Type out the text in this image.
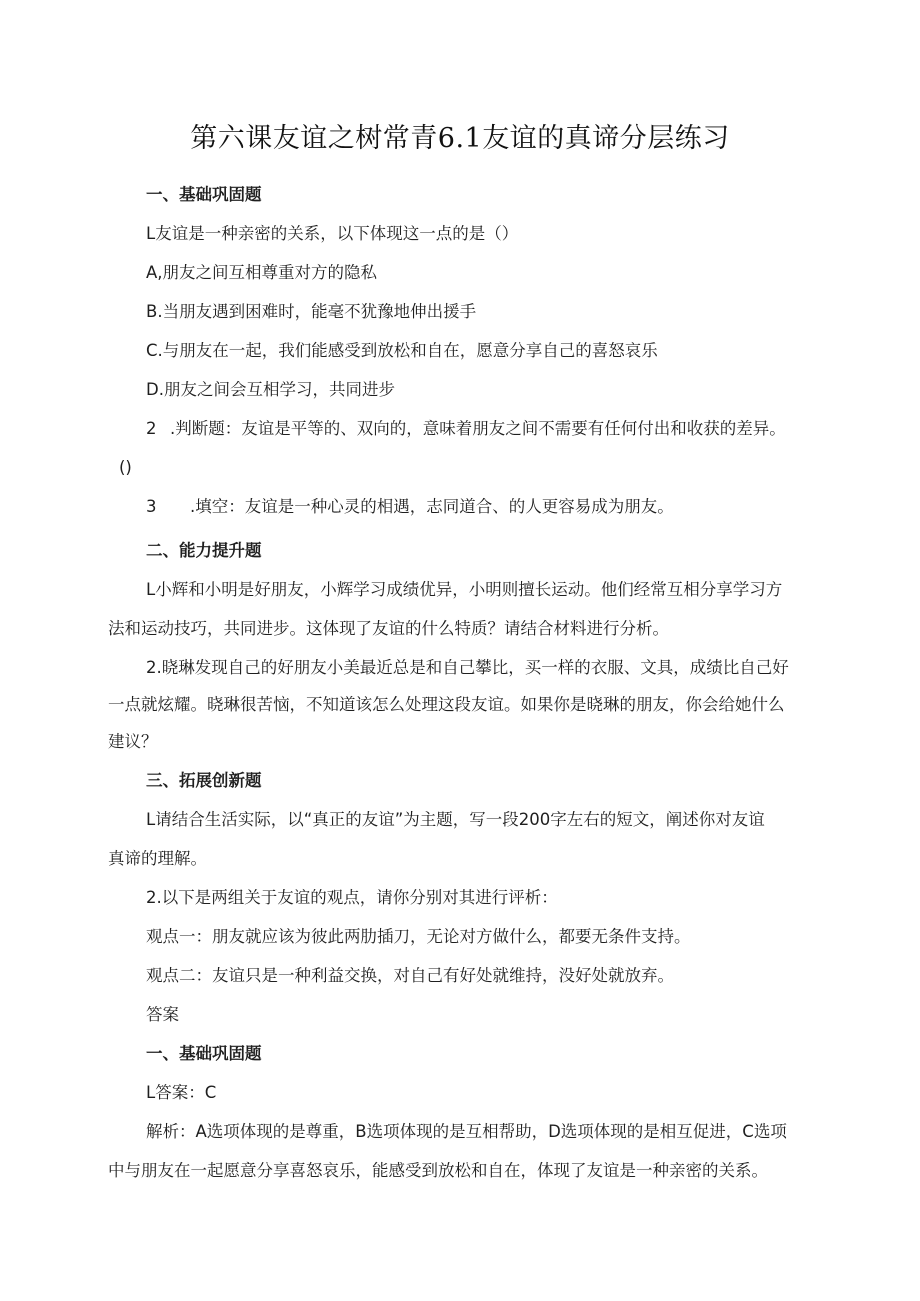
第六课友谊之树常青6.1友谊的真谛分层练习
一、基础巩固题
L友谊是一种亲密的关系，以下体现这一点的是（）
A,朋友之间互相尊重对方的隐私
B.当朋友遇到困难时，能毫不犹豫地伸出援手
C.与朋友在一起，我们能感受到放松和自在，愿意分享自己的喜怒哀乐
D.朋友之间会互相学习，共同进步
2 .判断题：友谊是平等的、双向的，意味着朋友之间不需要有任何付出和收获的差异。
()
3 .填空：友谊是一种心灵的相遇，志同道合、的人更容易成为朋友。
二、能力提升题
L小辉和小明是好朋友，小辉学习成绩优异，小明则擅长运动。他们经常互相分享学习方
法和运动技巧，共同进步。这体现了友谊的什么特质？请结合材料进行分析。
2.晓琳发现自己的好朋友小美最近总是和自己攀比，买一样的衣服、文具，成绩比自己好
一点就炫耀。晓琳很苦恼，不知道该怎么处理这段友谊。如果你是晓琳的朋友，你会给她什么
建议？
三、拓展创新题
L请结合生活实际，以“真正的友谊”为主题，写一段200字左右的短文，阐述你对友谊
真谛的理解。
2.以下是两组关于友谊的观点，请你分别对其进行评析：
观点一：朋友就应该为彼此两肋插刀，无论对方做什么，都要无条件支持。
观点二：友谊只是一种利益交换，对自己有好处就维持，没好处就放弃。
答案
一、基础巩固题
L答案：C
解析：A选项体现的是尊重，B选项体现的是互相帮助，D选项体现的是相互促进，C选项
中与朋友在一起愿意分享喜怒哀乐，能感受到放松和自在，体现了友谊是一种亲密的关系。
